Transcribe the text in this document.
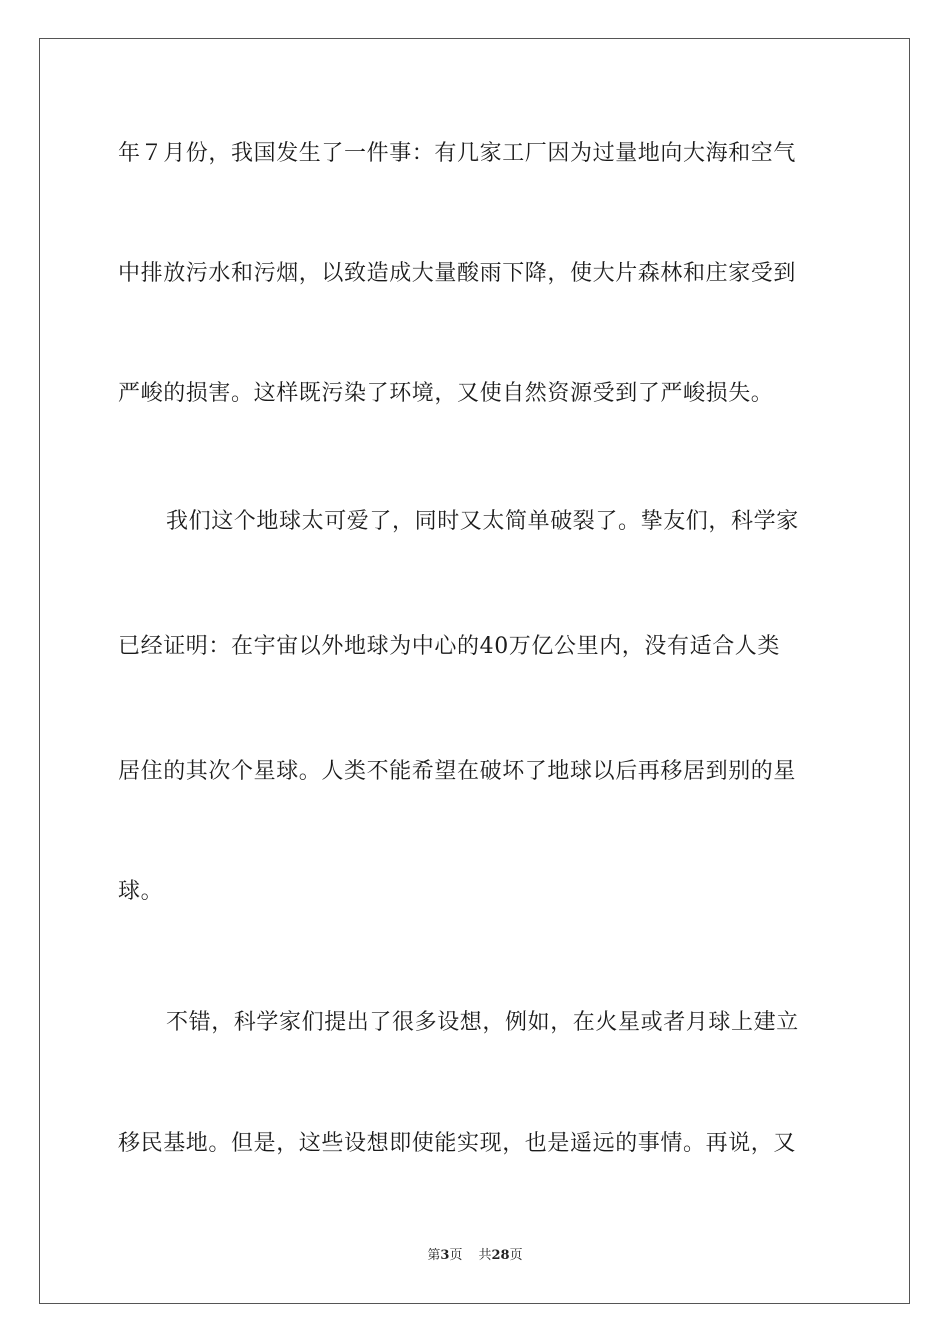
年７月份，我国发生了一件事：有几家工厂因为过量地向大海和空气
中排放污水和污烟，以致造成大量酸雨下降，使大片森林和庄家受到
严峻的损害。这样既污染了环境，又使自然资源受到了严峻损失。
我们这个地球太可爱了，同时又太简单破裂了。挚友们，科学家
已经证明：在宇宙以外地球为中心的40万亿公里内，没有适合人类
居住的其次个星球。人类不能希望在破坏了地球以后再移居到别的星
球。
不错，科学家们提出了很多设想，例如，在火星或者月球上建立
移民基地。但是，这些设想即使能实现，也是遥远的事情。再说，又
第3页 共28页
